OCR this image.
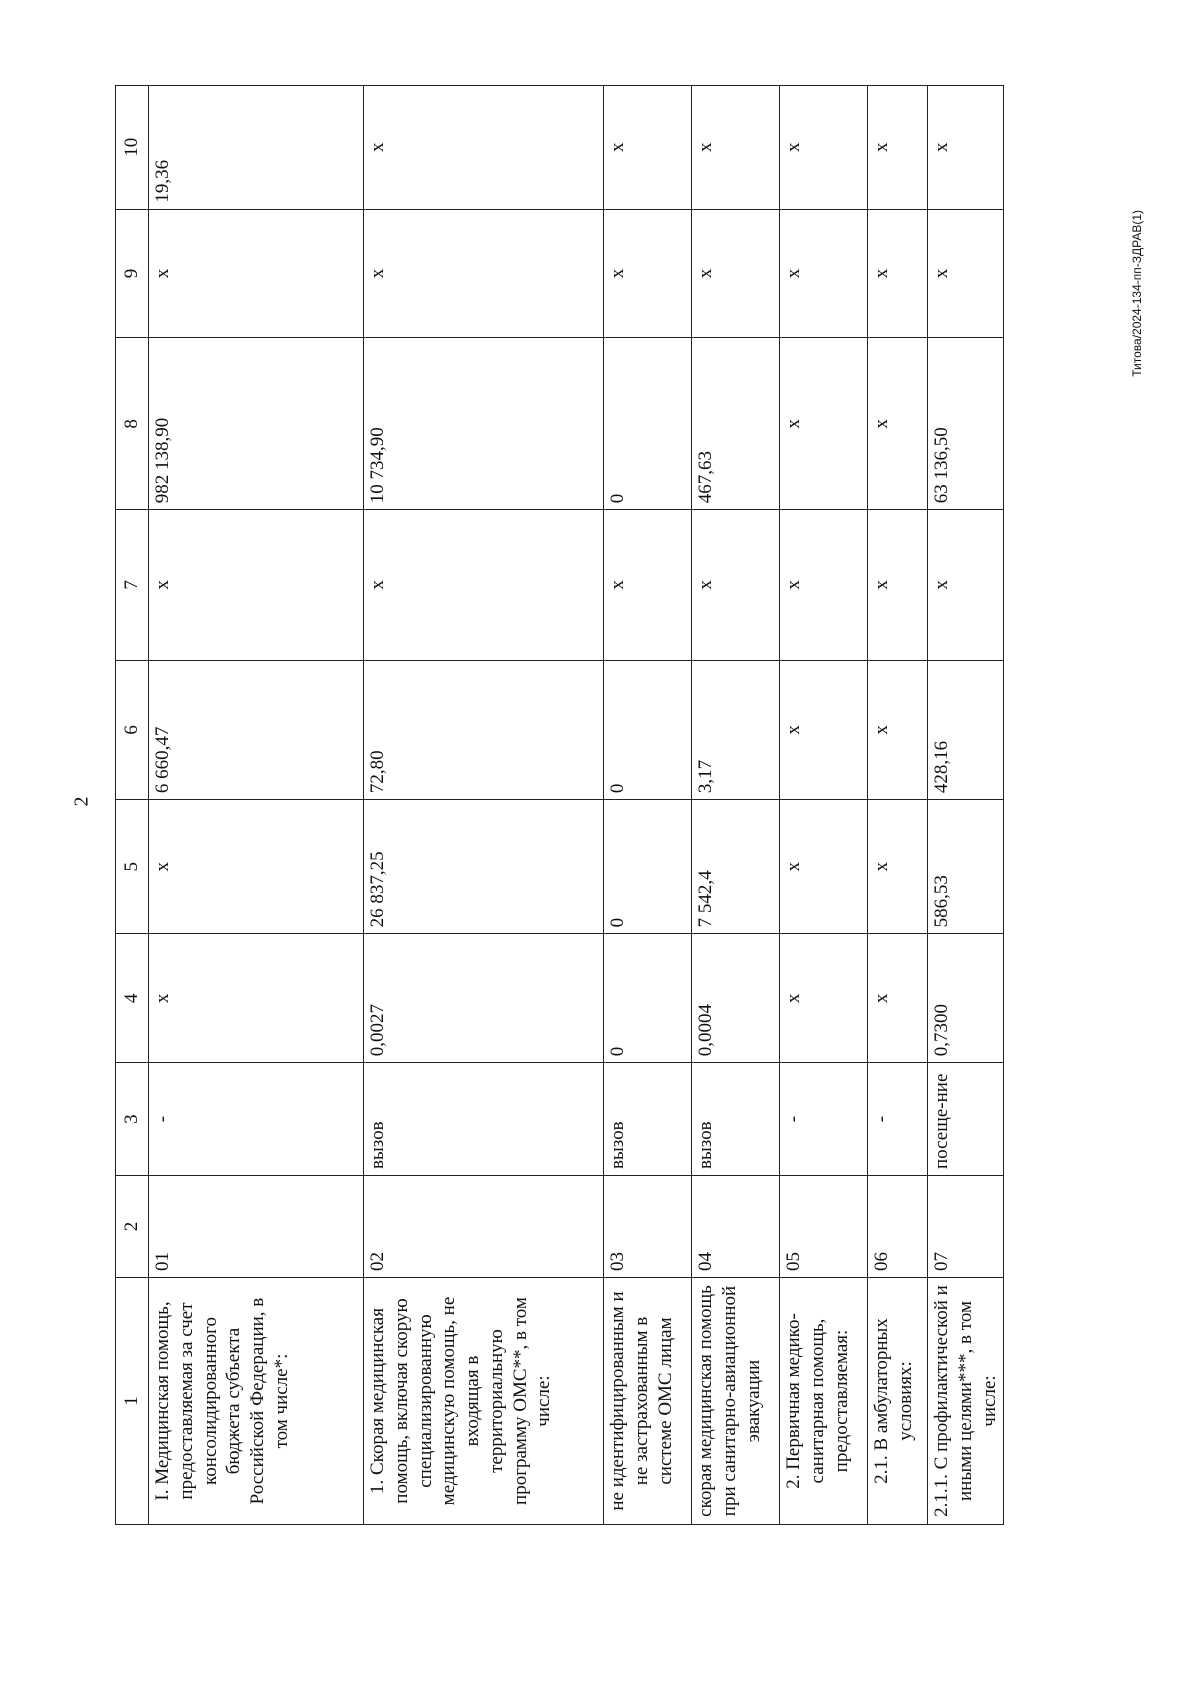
2
Титова/2024-134-пп-ЗДРАВ(1)
1	2	3	4	5	6	7	8	9	10
I. Медицинская помощь, предоставляемая за счет консолидированного бюджета субъекта Российской Федерации, в том числе*:	01	-	x	x	6 660,47	x	982 138,90	x	19,36
1. Скорая медицинская помощь, включая скорую специализированную медицинскую помощь, не входящая в территориальную программу ОМС**, в том числе:	02	вызов	0,0027	26 837,25	72,80	x	10 734,90	x	x
не идентифицированным и не застрахованным в системе ОМС лицам	03	вызов	0	0	0	x	0	x	x
скорая медицинская помощь при санитарно-авиационной эвакуации	04	вызов	0,0004	7 542,4	3,17	x	467,63	x	x
2. Первичная медико-санитарная помощь, предоставляемая:	05	-	x	x	x	x	x	x	x
2.1. В амбулаторных условиях:	06	-	x	x	x	x	x	x	x
2.1.1. С профилактической и иными целями***, в том числе:	07	посеще-ние	0,7300	586,53	428,16	x	63 136,50	x	x
